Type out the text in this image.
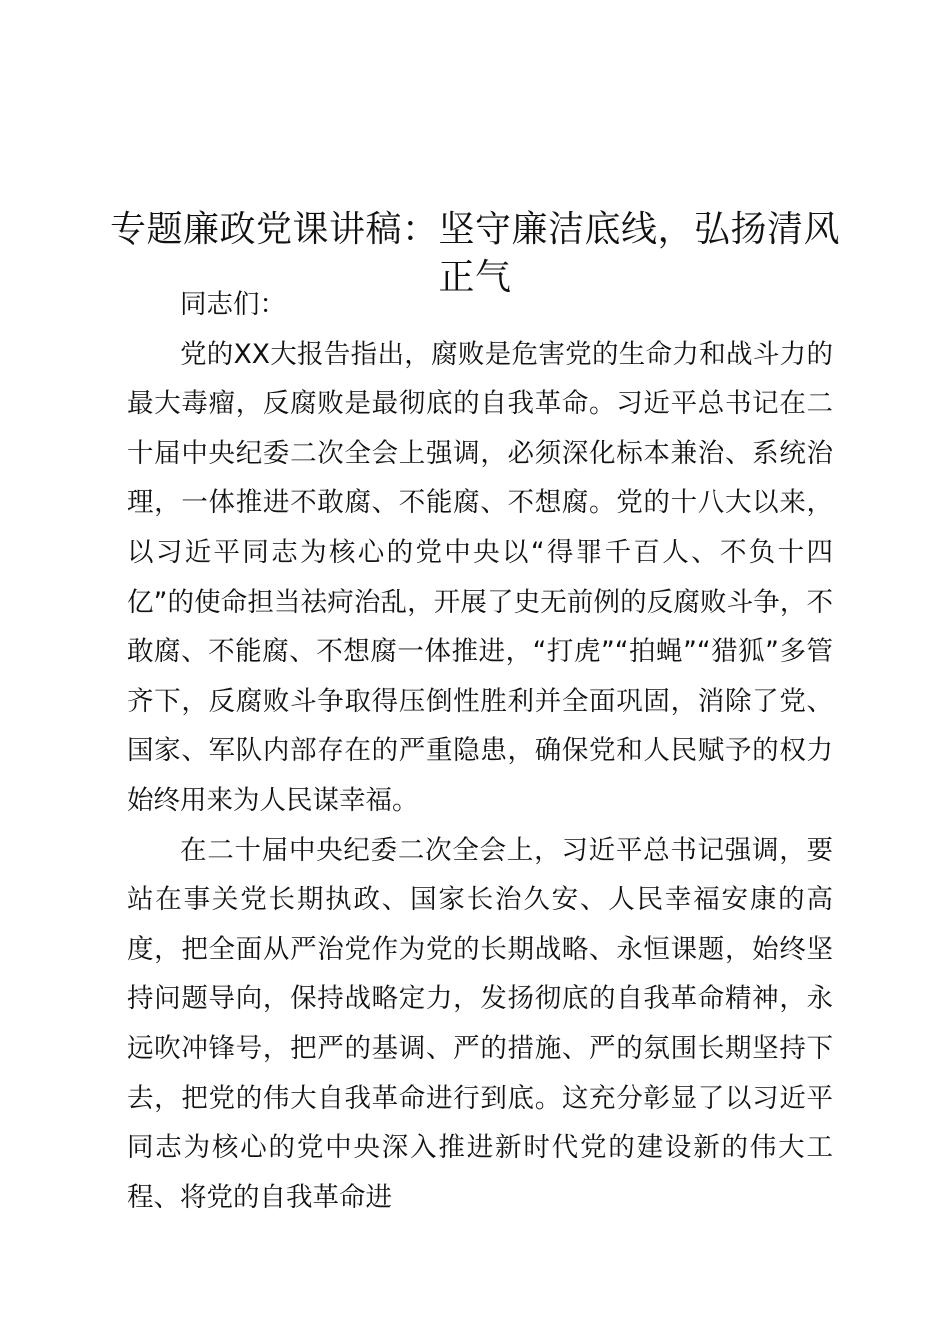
专题廉政党课讲稿：坚守廉洁底线，弘扬清风正气

同志们：

党的XX大报告指出，腐败是危害党的生命力和战斗力的最大毒瘤，反腐败是最彻底的自我革命。习近平总书记在二十届中央纪委二次全会上强调，必须深化标本兼治、系统治理，一体推进不敢腐、不能腐、不想腐。党的十八大以来，以习近平同志为核心的党中央以“得罪千百人、不负十四亿”的使命担当祛疴治乱，开展了史无前例的反腐败斗争，不敢腐、不能腐、不想腐一体推进，“打虎”“拍蝇”“猎狐”多管齐下，反腐败斗争取得压倒性胜利并全面巩固，消除了党、国家、军队内部存在的严重隐患，确保党和人民赋予的权力始终用来为人民谋幸福。

在二十届中央纪委二次全会上，习近平总书记强调，要站在事关党长期执政、国家长治久安、人民幸福安康的高度，把全面从严治党作为党的长期战略、永恒课题，始终坚持问题导向，保持战略定力，发扬彻底的自我革命精神，永远吹冲锋号，把严的基调、严的措施、严的氛围长期坚持下去，把党的伟大自我革命进行到底。这充分彰显了以习近平同志为核心的党中央深入推进新时代党的建设新的伟大工程、将党的自我革命进
